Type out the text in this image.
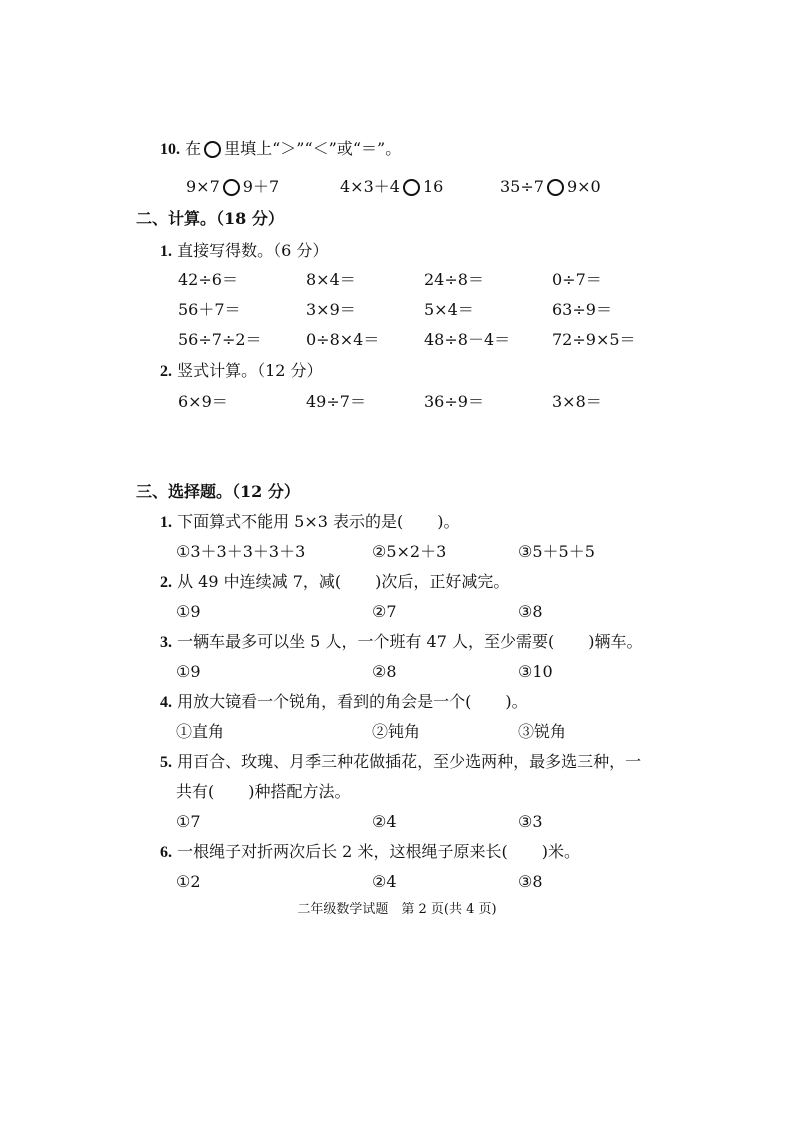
10. 在 里填上“＞”“＜”或“＝”。
9×7 9＋7	4×3＋4 16	35÷7 9×0
二、计算。（18 分）
1. 直接写得数。（6 分）
42÷6＝	8×4＝	24÷8＝	0÷7＝
56＋7＝	3×9＝	5×4＝	63÷9＝
56÷7÷2＝	0÷8×4＝	48÷8－4＝	72÷9×5＝
2. 竖式计算。（12 分）
6×9＝	49÷7＝	36÷9＝	3×8＝
三、选择题。（12 分）
1. 下面算式不能用 5×3 表示的是( )。
①3＋3＋3＋3＋3	②5×2＋3	③5＋5＋5
2. 从 49 中连续减 7，减( )次后，正好减完。
①9	②7	③8
3. 一辆车最多可以坐 5 人，一个班有 47 人，至少需要( )辆车。
①9	②8	③10
4. 用放大镜看一个锐角，看到的角会是一个( )。
①直角	②钝角	③锐角
5. 用百合、玫瑰、月季三种花做插花，至少选两种，最多选三种，一
共有( )种搭配方法。
①7	②4	③3
6. 一根绳子对折两次后长 2 米，这根绳子原来长( )米。
①2	②4	③8
二年级数学试题　第 2 页(共 4 页)
